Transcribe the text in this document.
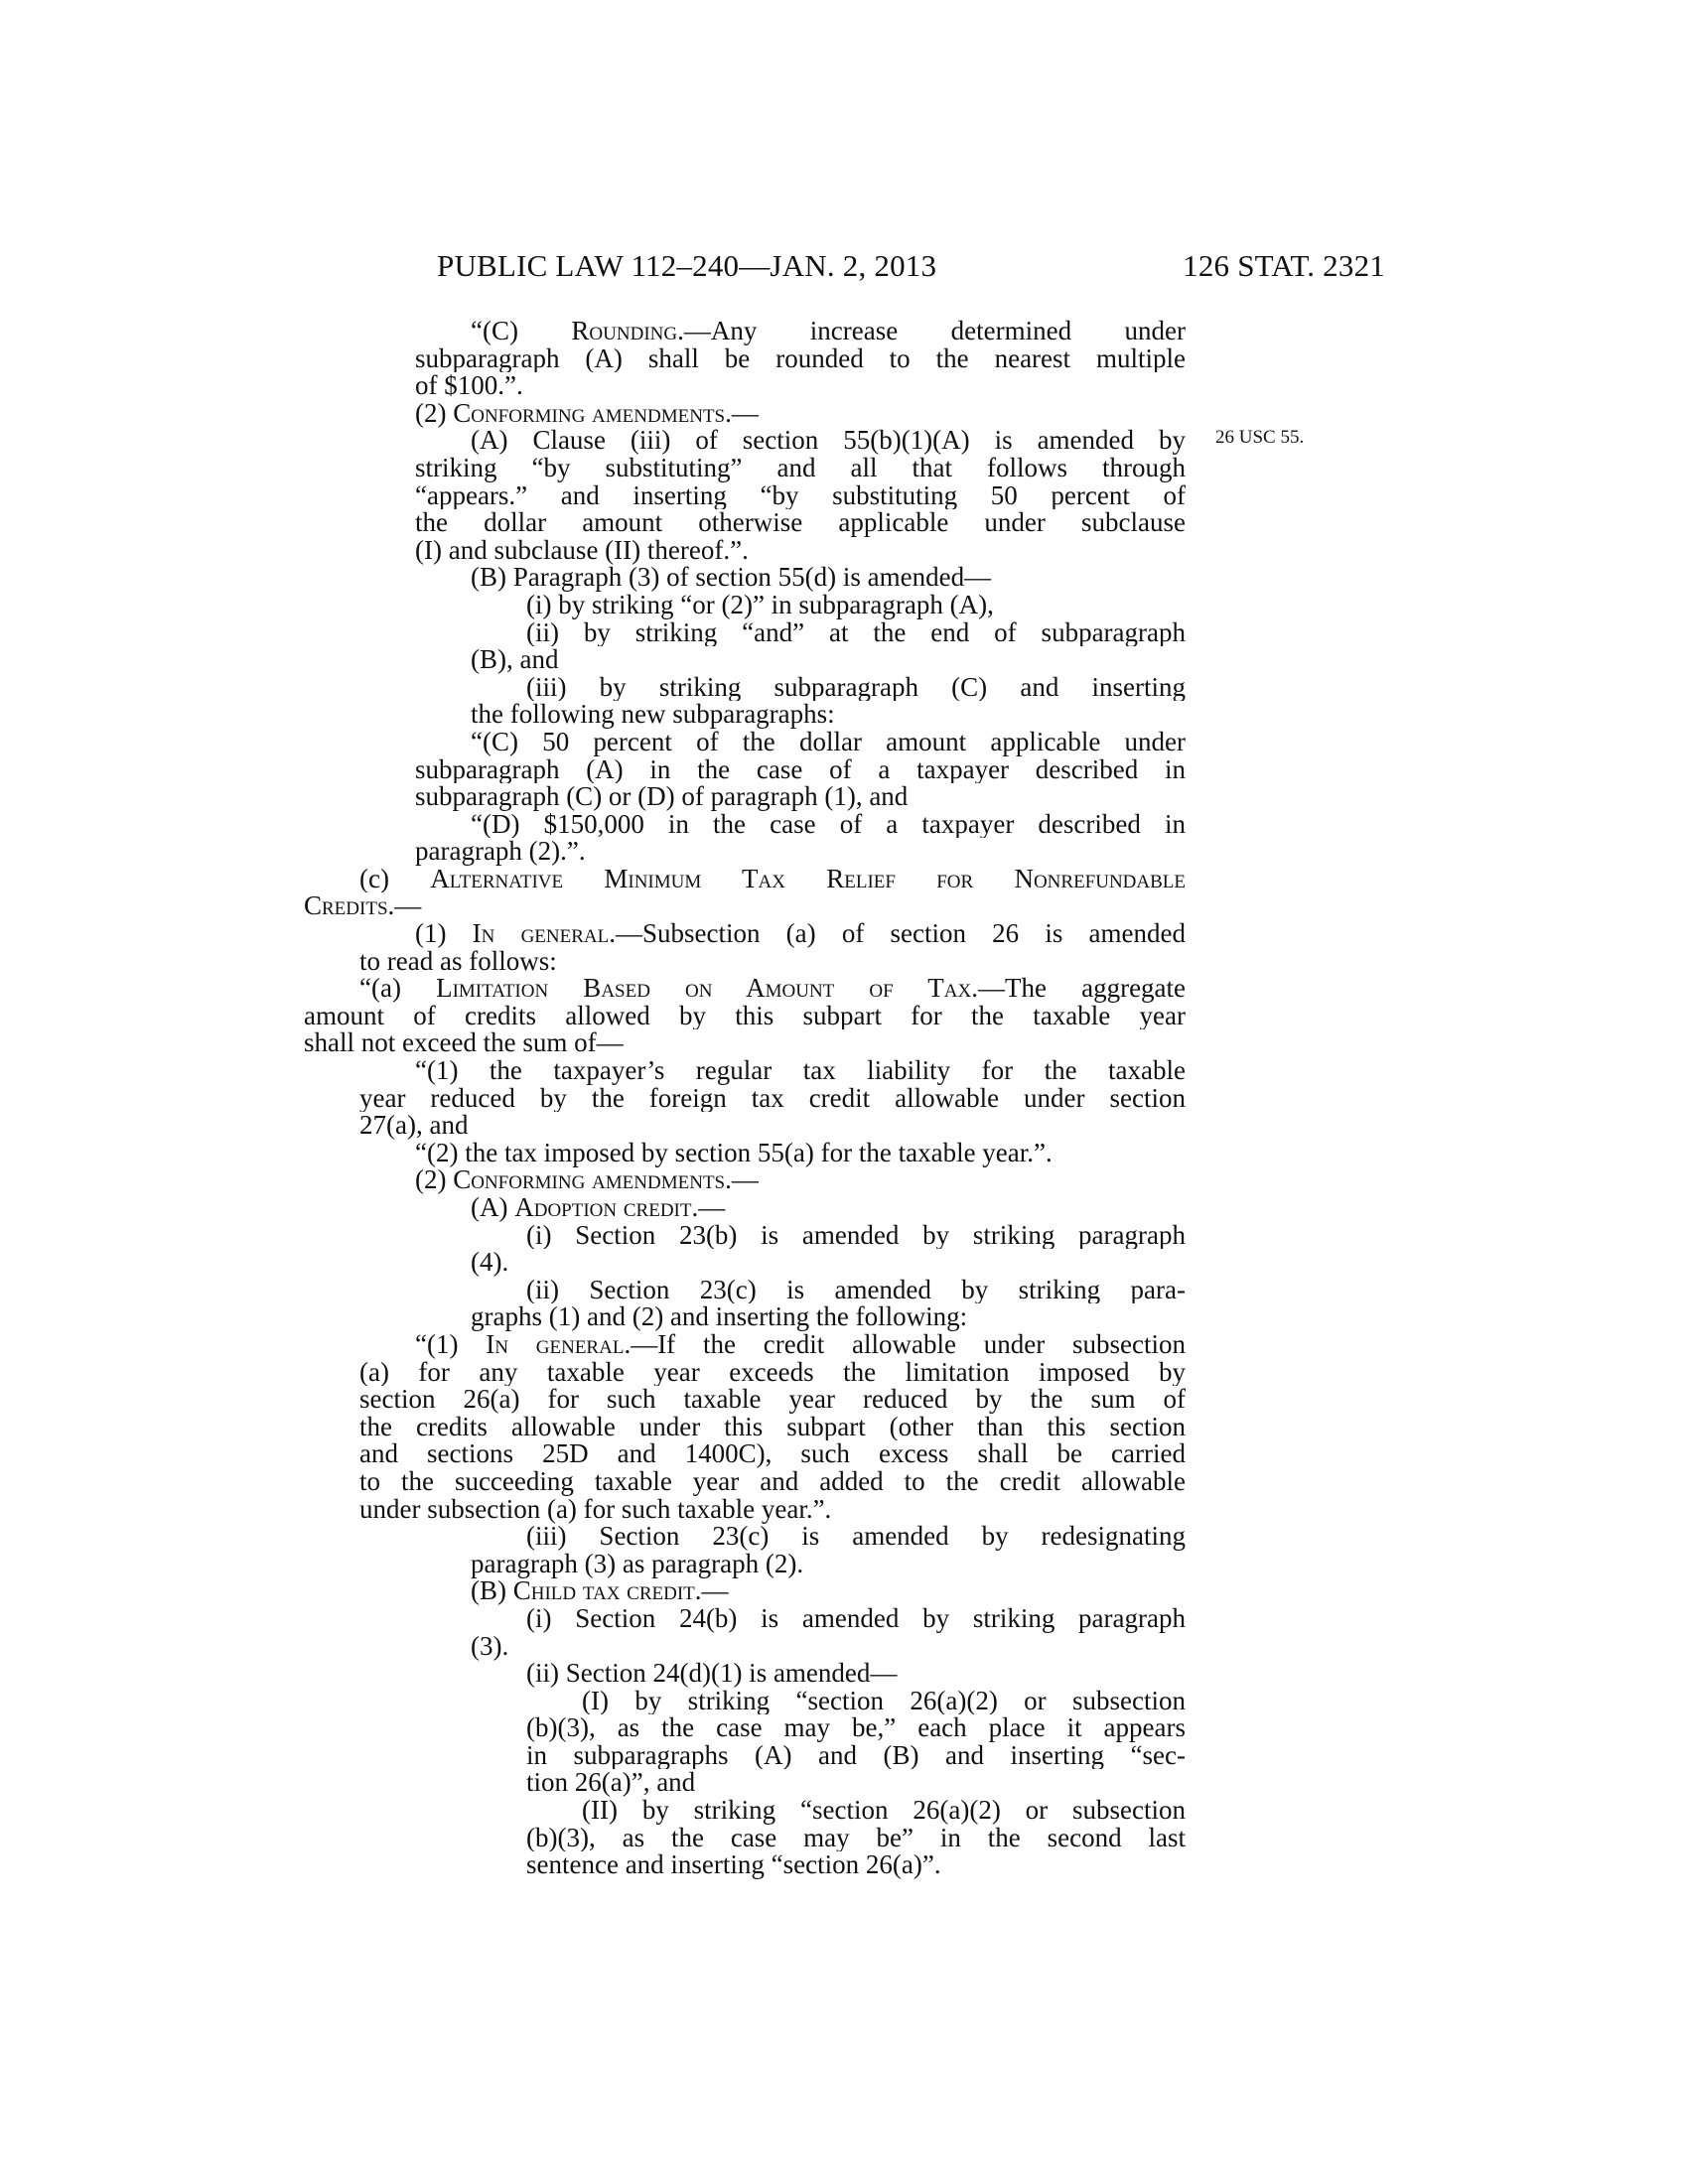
PUBLIC LAW 112–240—JAN. 2, 2013	126 STAT. 2321
“(C) Rounding.—Any increase determined under
subparagraph (A) shall be rounded to the nearest multiple
of $100.”.
(2) Conforming amendments.—
(A) Clause (iii) of section 55(b)(1)(A) is amended by 26 USC 55.
striking “by substituting” and all that follows through
“appears.” and inserting “by substituting 50 percent of
the dollar amount otherwise applicable under subclause
(I) and subclause (II) thereof.”.
(B) Paragraph (3) of section 55(d) is amended—
(i) by striking “or (2)” in subparagraph (A),
(ii) by striking “and” at the end of subparagraph
(B), and
(iii) by striking subparagraph (C) and inserting
the following new subparagraphs:
“(C) 50 percent of the dollar amount applicable under
subparagraph (A) in the case of a taxpayer described in
subparagraph (C) or (D) of paragraph (1), and
“(D) $150,000 in the case of a taxpayer described in
paragraph (2).”.
(c) Alternative Minimum Tax Relief for Nonrefundable
Credits.—
(1) In general.—Subsection (a) of section 26 is amended
to read as follows:
“(a) Limitation Based on Amount of Tax.—The aggregate
amount of credits allowed by this subpart for the taxable year
shall not exceed the sum of—
“(1) the taxpayer’s regular tax liability for the taxable
year reduced by the foreign tax credit allowable under section
27(a), and
“(2) the tax imposed by section 55(a) for the taxable year.”.
(2) Conforming amendments.—
(A) Adoption credit.—
(i) Section 23(b) is amended by striking paragraph
(4).
(ii) Section 23(c) is amended by striking para-
graphs (1) and (2) and inserting the following:
“(1) In general.—If the credit allowable under subsection
(a) for any taxable year exceeds the limitation imposed by
section 26(a) for such taxable year reduced by the sum of
the credits allowable under this subpart (other than this section
and sections 25D and 1400C), such excess shall be carried
to the succeeding taxable year and added to the credit allowable
under subsection (a) for such taxable year.”.
(iii) Section 23(c) is amended by redesignating
paragraph (3) as paragraph (2).
(B) Child tax credit.—
(i) Section 24(b) is amended by striking paragraph
(3).
(ii) Section 24(d)(1) is amended—
(I) by striking “section 26(a)(2) or subsection
(b)(3), as the case may be,” each place it appears
in subparagraphs (A) and (B) and inserting “sec-
tion 26(a)”, and
(II) by striking “section 26(a)(2) or subsection
(b)(3), as the case may be” in the second last
sentence and inserting “section 26(a)”.
